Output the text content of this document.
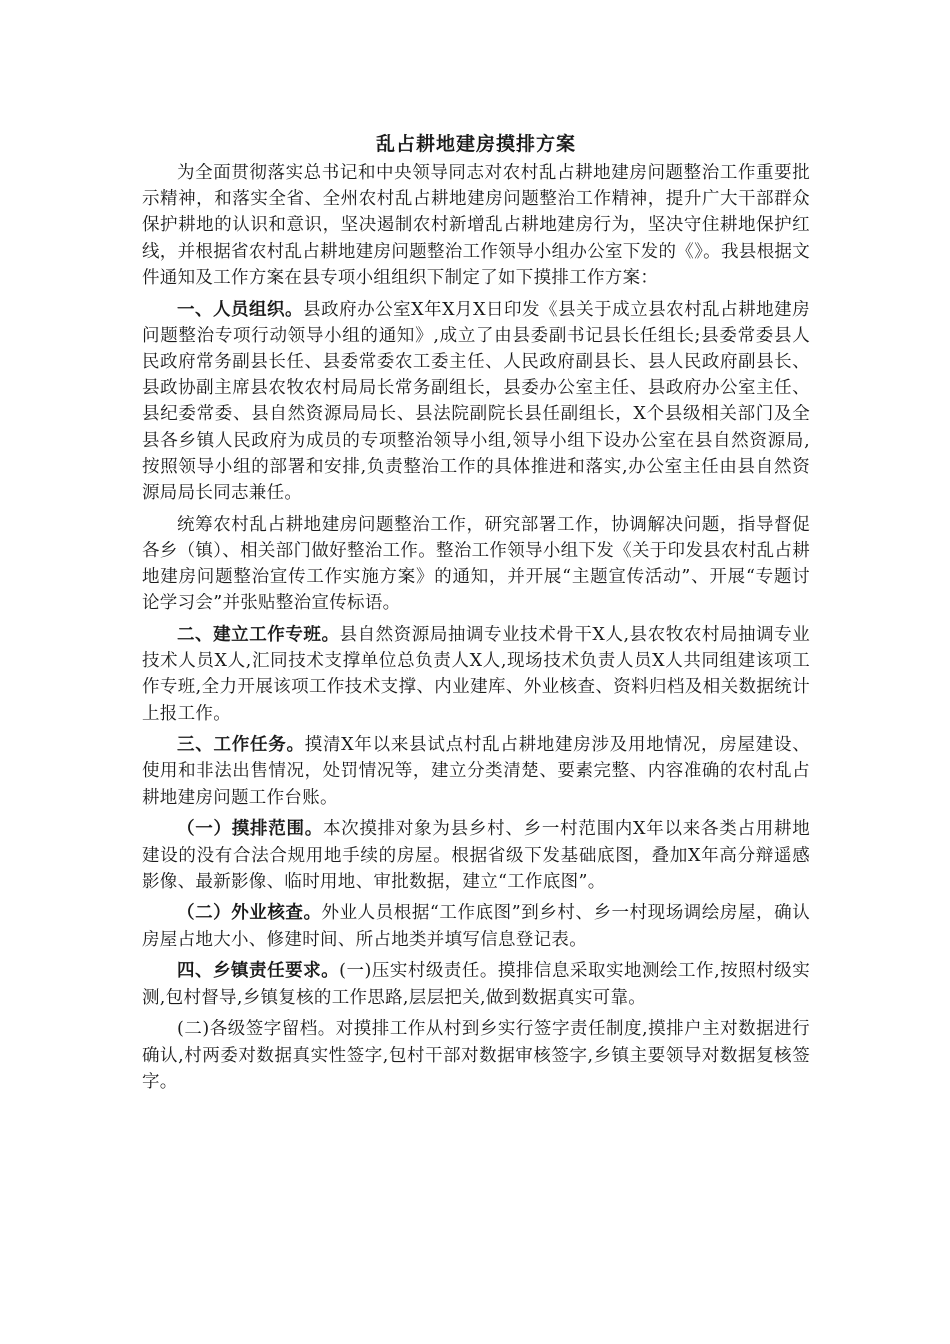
乱占耕地建房摸排方案

为全面贯彻落实总书记和中央领导同志对农村乱占耕地建房问题整治工作重要批示精神，和落实全省、全州农村乱占耕地建房问题整治工作精神，提升广大干部群众保护耕地的认识和意识，坚决遏制农村新增乱占耕地建房行为，坚决守住耕地保护红线，并根据省农村乱占耕地建房问题整治工作领导小组办公室下发的《》。我县根据文件通知及工作方案在县专项小组组织下制定了如下摸排工作方案：

一、人员组织。县政府办公室X年X月X日印发《县关于成立县农村乱占耕地建房问题整治专项行动领导小组的通知》,成立了由县委副书记县长任组长;县委常委县人民政府常务副县长任、县委常委农工委主任、人民政府副县长、县人民政府副县长、县政协副主席县农牧农村局局长常务副组长，县委办公室主任、县政府办公室主任、县纪委常委、县自然资源局局长、县法院副院长县任副组长，X个县级相关部门及全县各乡镇人民政府为成员的专项整治领导小组,领导小组下设办公室在县自然资源局,按照领导小组的部署和安排,负责整治工作的具体推进和落实,办公室主任由县自然资源局局长同志兼任。

统筹农村乱占耕地建房问题整治工作，研究部署工作，协调解决问题，指导督促各乡（镇）、相关部门做好整治工作。整治工作领导小组下发《关于印发县农村乱占耕地建房问题整治宣传工作实施方案》的通知，并开展“主题宣传活动”、开展“专题讨论学习会”并张贴整治宣传标语。

二、建立工作专班。县自然资源局抽调专业技术骨干X人,县农牧农村局抽调专业技术人员X人,汇同技术支撑单位总负责人X人,现场技术负责人员X人共同组建该项工作专班,全力开展该项工作技术支撑、内业建库、外业核查、资料归档及相关数据统计上报工作。

三、工作任务。摸清X年以来县试点村乱占耕地建房涉及用地情况，房屋建设、使用和非法出售情况，处罚情况等，建立分类清楚、要素完整、内容准确的农村乱占耕地建房问题工作台账。

（一）摸排范围。本次摸排对象为县乡村、乡一村范围内X年以来各类占用耕地建设的没有合法合规用地手续的房屋。根据省级下发基础底图，叠加X年高分辩遥感影像、最新影像、临时用地、审批数据，建立“工作底图”。

（二）外业核查。外业人员根据“工作底图”到乡村、乡一村现场调绘房屋，确认房屋占地大小、修建时间、所占地类并填写信息登记表。

四、乡镇责任要求。(一)压实村级责任。摸排信息采取实地测绘工作,按照村级实测,包村督导,乡镇复核的工作思路,层层把关,做到数据真实可靠。

(二)各级签字留档。对摸排工作从村到乡实行签字责任制度,摸排户主对数据进行确认,村两委对数据真实性签字,包村干部对数据审核签字,乡镇主要领导对数据复核签字。
